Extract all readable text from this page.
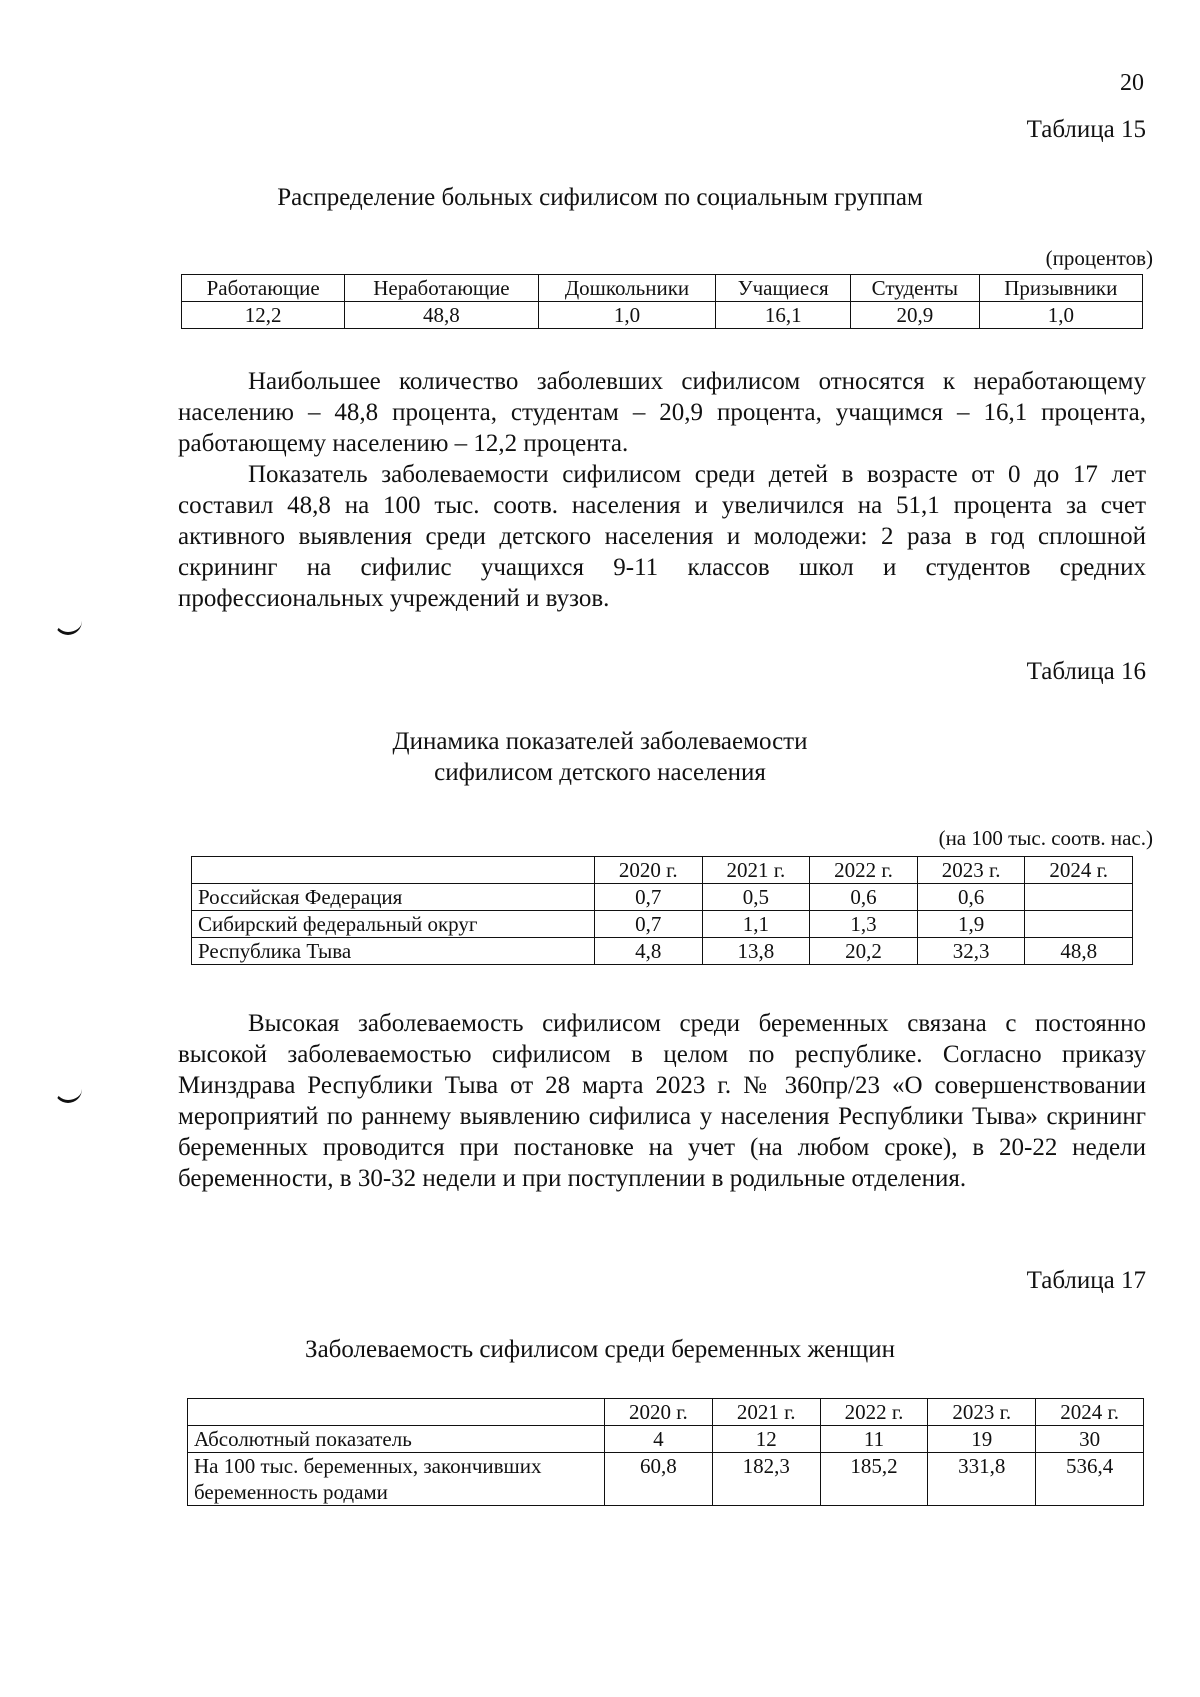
20
Таблица 15
Распределение больных сифилисом по социальным группам
(процентов)
Работающие	Неработающие	Дошкольники	Учащиеся	Студенты	Призывники
12,2	48,8	1,0	16,1	20,9	1,0

Наибольшее количество заболевших сифилисом относятся к неработающему населению – 48,8 процента, студентам – 20,9 процента, учащимся – 16,1 процента, работающему населению – 12,2 процента.

Показатель заболеваемости сифилисом среди детей в возрасте от 0 до 17 лет составил 48,8 на 100 тыс. соотв. населения и увеличился на 51,1 процента за счет активного выявления среди детского населения и молодежи: 2 раза в год сплошной скрининг на сифилис учащихся 9-11 классов школ и студентов средних профессиональных учреждений и вузов.

Таблица 16
Динамика показателей заболеваемости
сифилисом детского населения
(на 100 тыс. соотв. нас.)
	2020 г.	2021 г.	2022 г.	2023 г.	2024 г.
Российская Федерация	0,7	0,5	0,6	0,6	
Сибирский федеральный округ	0,7	1,1	1,3	1,9	
Республика Тыва	4,8	13,8	20,2	32,3	48,8

Высокая заболеваемость сифилисом среди беременных связана с постоянно высокой заболеваемостью сифилисом в целом по республике. Согласно приказу Минздрава Республики Тыва от 28 марта 2023 г. № 360пр/23 «О совершенствовании мероприятий по раннему выявлению сифилиса у населения Республики Тыва» скрининг беременных проводится при постановке на учет (на любом сроке), в 20-22 недели беременности, в 30-32 недели и при поступлении в родильные отделения.

Таблица 17
Заболеваемость сифилисом среди беременных женщин
	2020 г.	2021 г.	2022 г.	2023 г.	2024 г.
Абсолютный показатель	4	12	11	19	30
На 100 тыс. беременных, закончивших беременность родами	60,8	182,3	185,2	331,8	536,4
